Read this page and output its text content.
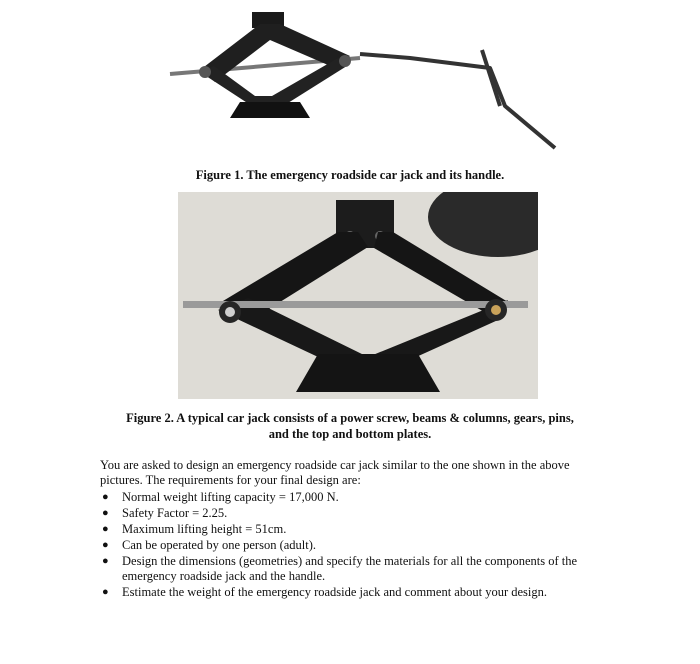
Figure 1. The emergency roadside car jack and its handle.
Figure 2. A typical car jack consists of a power screw, beams & columns, gears, pins,
and the top and bottom plates.
You are asked to design an emergency roadside car jack similar to the one shown in the above pictures. The requirements for your final design are:
● Normal weight lifting capacity = 17,000 N.
● Safety Factor = 2.25.
● Maximum lifting height = 51cm.
● Can be operated by one person (adult).
● Design the dimensions (geometries) and specify the materials for all the components of the emergency roadside jack and the handle.
● Estimate the weight of the emergency roadside jack and comment about your design.
